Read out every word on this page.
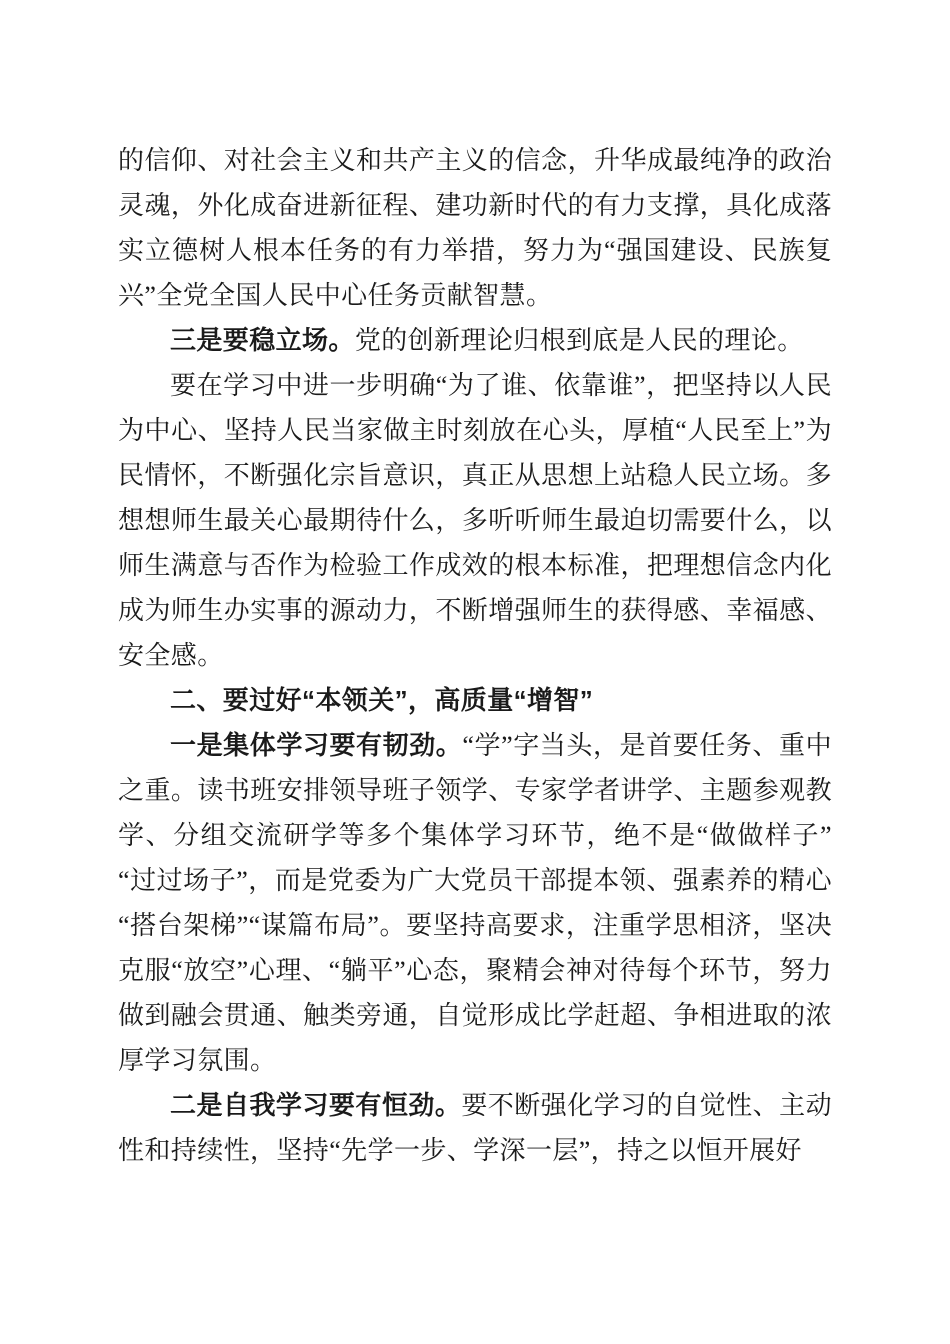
的信仰、对社会主义和共产主义的信念，升华成最纯净的政治灵魂，外化成奋进新征程、建功新时代的有力支撑，具化成落实立德树人根本任务的有力举措，努力为“强国建设、民族复兴”全党全国人民中心任务贡献智慧。

三是要稳立场。党的创新理论归根到底是人民的理论。

要在学习中进一步明确“为了谁、依靠谁”，把坚持以人民为中心、坚持人民当家做主时刻放在心头，厚植“人民至上”为民情怀，不断强化宗旨意识，真正从思想上站稳人民立场。多想想师生最关心最期待什么，多听听师生最迫切需要什么，以师生满意与否作为检验工作成效的根本标准，把理想信念内化成为师生办实事的源动力，不断增强师生的获得感、幸福感、安全感。

二、要过好“本领关”，高质量“增智”

一是集体学习要有韧劲。“学”字当头，是首要任务、重中之重。读书班安排领导班子领学、专家学者讲学、主题参观教学、分组交流研学等多个集体学习环节，绝不是“做做样子”“过过场子”，而是党委为广大党员干部提本领、强素养的精心“搭台架梯”“谋篇布局”。要坚持高要求，注重学思相济，坚决克服“放空”心理、“躺平”心态，聚精会神对待每个环节，努力做到融会贯通、触类旁通，自觉形成比学赶超、争相进取的浓厚学习氛围。

二是自我学习要有恒劲。要不断强化学习的自觉性、主动性和持续性，坚持“先学一步、学深一层”，持之以恒开展好
